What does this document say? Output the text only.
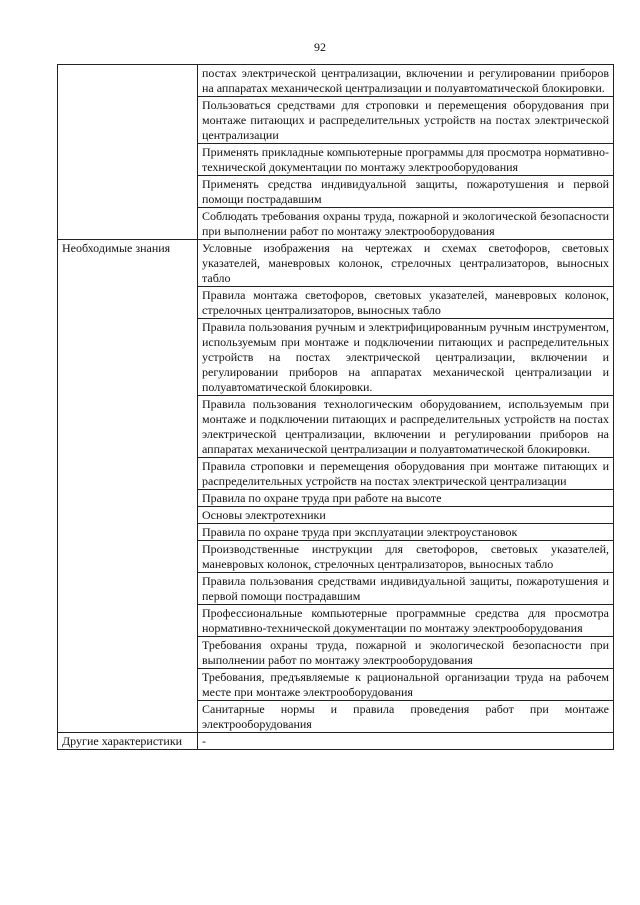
92

	постах электрической централизации, включении и регулировании приборов на аппаратах механической централизации и полуавтоматической блокировки.

	Пользоваться средствами для строповки и перемещения оборудования при монтаже питающих и распределительных устройств на постах электрической централизации

	Применять прикладные компьютерные программы для просмотра нормативно-технической документации по монтажу электрооборудования

	Применять средства индивидуальной защиты, пожаротушения и первой помощи пострадавшим

	Соблюдать требования охраны труда, пожарной и экологической безопасности при выполнении работ по монтажу электрооборудования

Необходимые знания	Условные изображения на чертежах и схемах светофоров, световых указателей, маневровых колонок, стрелочных централизаторов, выносных табло

	Правила монтажа светофоров, световых указателей, маневровых колонок, стрелочных централизаторов, выносных табло

	Правила пользования ручным и электрифицированным ручным инструментом, используемым при монтаже и подключении питающих и распределительных устройств на постах электрической централизации, включении и регулировании приборов на аппаратах механической централизации и полуавтоматической блокировки.

	Правила пользования технологическим оборудованием, используемым при монтаже и подключении питающих и распределительных устройств на постах электрической централизации, включении и регулировании приборов на аппаратах механической централизации и полуавтоматической блокировки.

	Правила строповки и перемещения оборудования при монтаже питающих и распределительных устройств на постах электрической централизации

	Правила по охране труда при работе на высоте

	Основы электротехники

	Правила по охране труда при эксплуатации электроустановок

	Производственные инструкции для светофоров, световых указателей, маневровых колонок, стрелочных централизаторов, выносных табло

	Правила пользования средствами индивидуальной защиты, пожаротушения и первой помощи пострадавшим

	Профессиональные компьютерные программные средства для просмотра нормативно-технической документации по монтажу электрооборудования

	Требования охраны труда, пожарной и экологической безопасности при выполнении работ по монтажу электрооборудования

	Требования, предъявляемые к рациональной организации труда на рабочем месте при монтаже электрооборудования

	Санитарные нормы и правила проведения работ при монтаже электрооборудования

Другие характеристики	-
